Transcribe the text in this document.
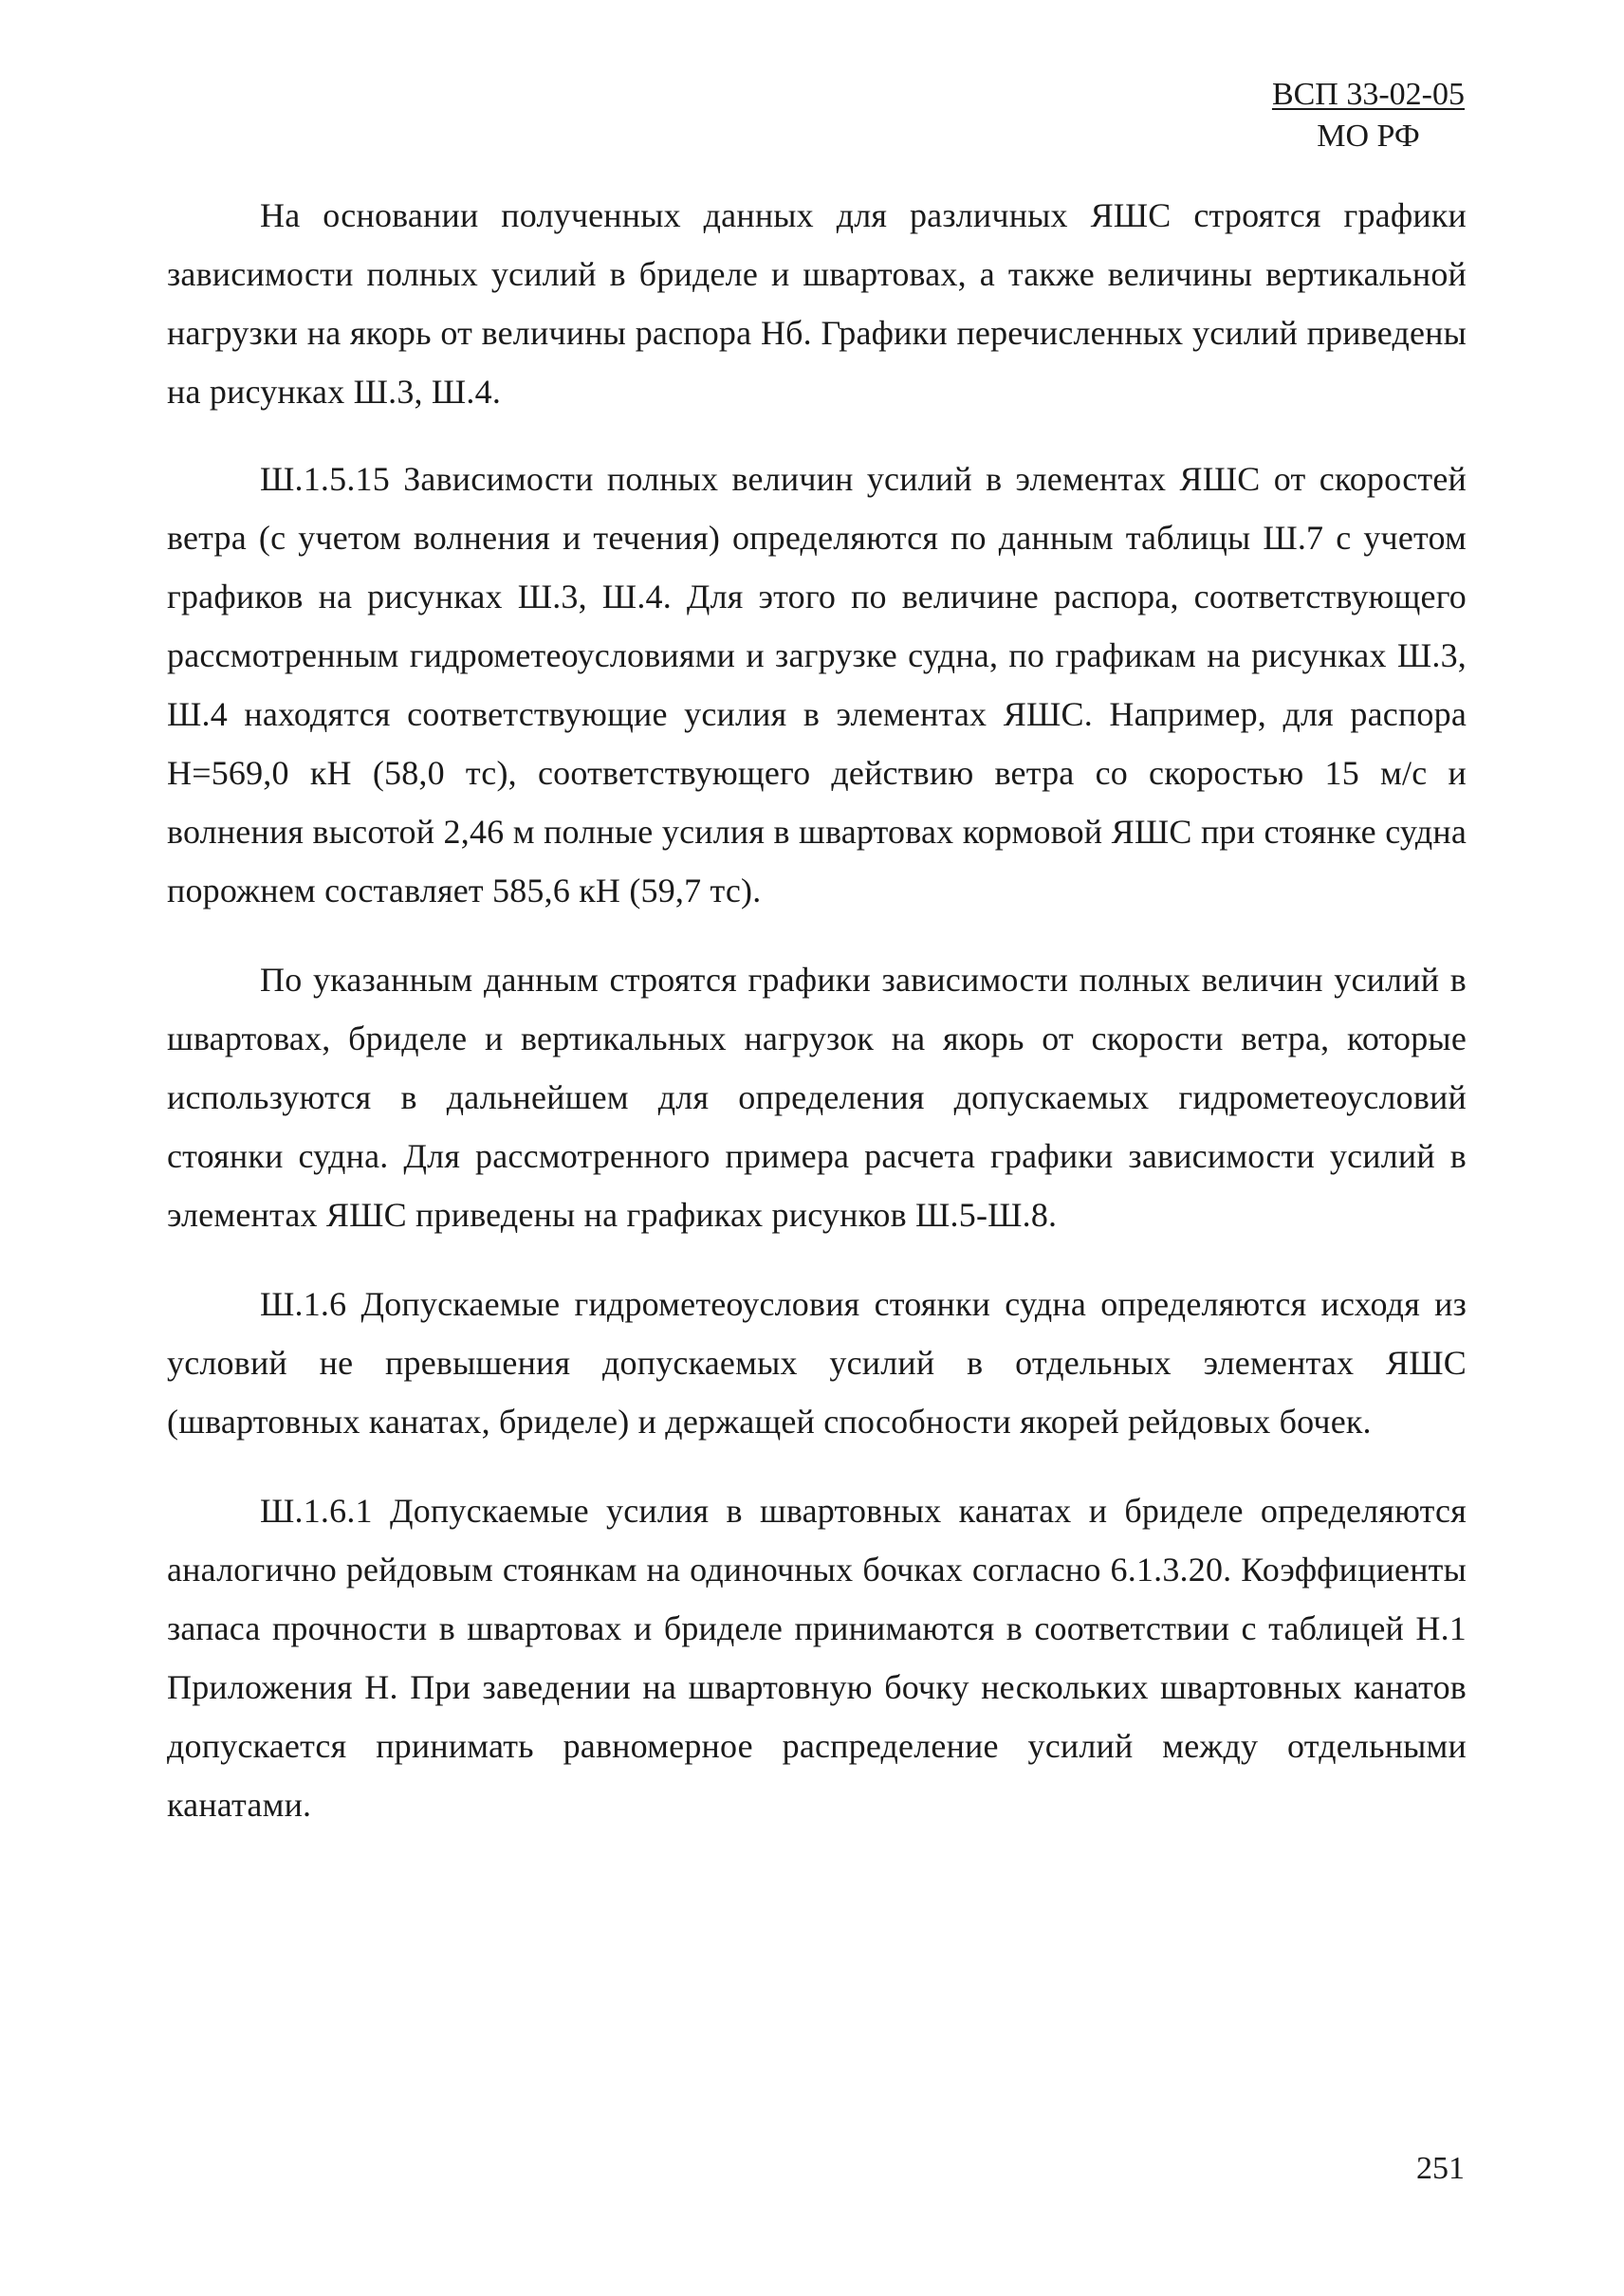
ВСП 33-02-05
МО РФ

На основании полученных данных для различных ЯШС строятся графики зависимости полных усилий в бриделе и швартовах, а также величины вертикальной нагрузки на якорь от величины распора Нб. Графики перечисленных усилий приведены на рисунках Ш.3, Ш.4.

Ш.1.5.15 Зависимости полных величин усилий в элементах ЯШС от скоростей ветра (с учетом волнения и течения) определяются по данным таблицы Ш.7 с учетом графиков на рисунках Ш.3, Ш.4. Для этого по величине распора, соответствующего рассмотренным гидрометеоусловиями и загрузке судна, по графикам на рисунках Ш.3, Ш.4 находятся соответствующие усилия в элементах ЯШС. Например, для распора Н=569,0 кН (58,0 тс), соответствующего действию ветра со скоростью 15 м/с и волнения высотой 2,46 м полные усилия в швартовах кормовой ЯШС при стоянке судна порожнем составляет 585,6 кН (59,7 тс).

По указанным данным строятся графики зависимости полных величин усилий в швартовах, бриделе и вертикальных нагрузок на якорь от скорости ветра, которые используются в дальнейшем для определения допускаемых гидрометеоусловий стоянки судна. Для рассмотренного примера расчета графики зависимости усилий в элементах ЯШС приведены на графиках рисунков Ш.5-Ш.8.

Ш.1.6 Допускаемые гидрометеоусловия стоянки судна определяются исходя из условий не превышения допускаемых усилий в отдельных элементах ЯШС (швартовных канатах, бриделе) и держащей способности якорей рейдовых бочек.

Ш.1.6.1 Допускаемые усилия в швартовных канатах и бриделе определяются аналогично рейдовым стоянкам на одиночных бочках согласно 6.1.3.20. Коэффициенты запаса прочности в швартовах и бриделе принимаются в соответствии с таблицей Н.1 Приложения Н. При заведении на швартовную бочку нескольких швартовных канатов допускается принимать равномерное распределение усилий между отдельными канатами.

251
